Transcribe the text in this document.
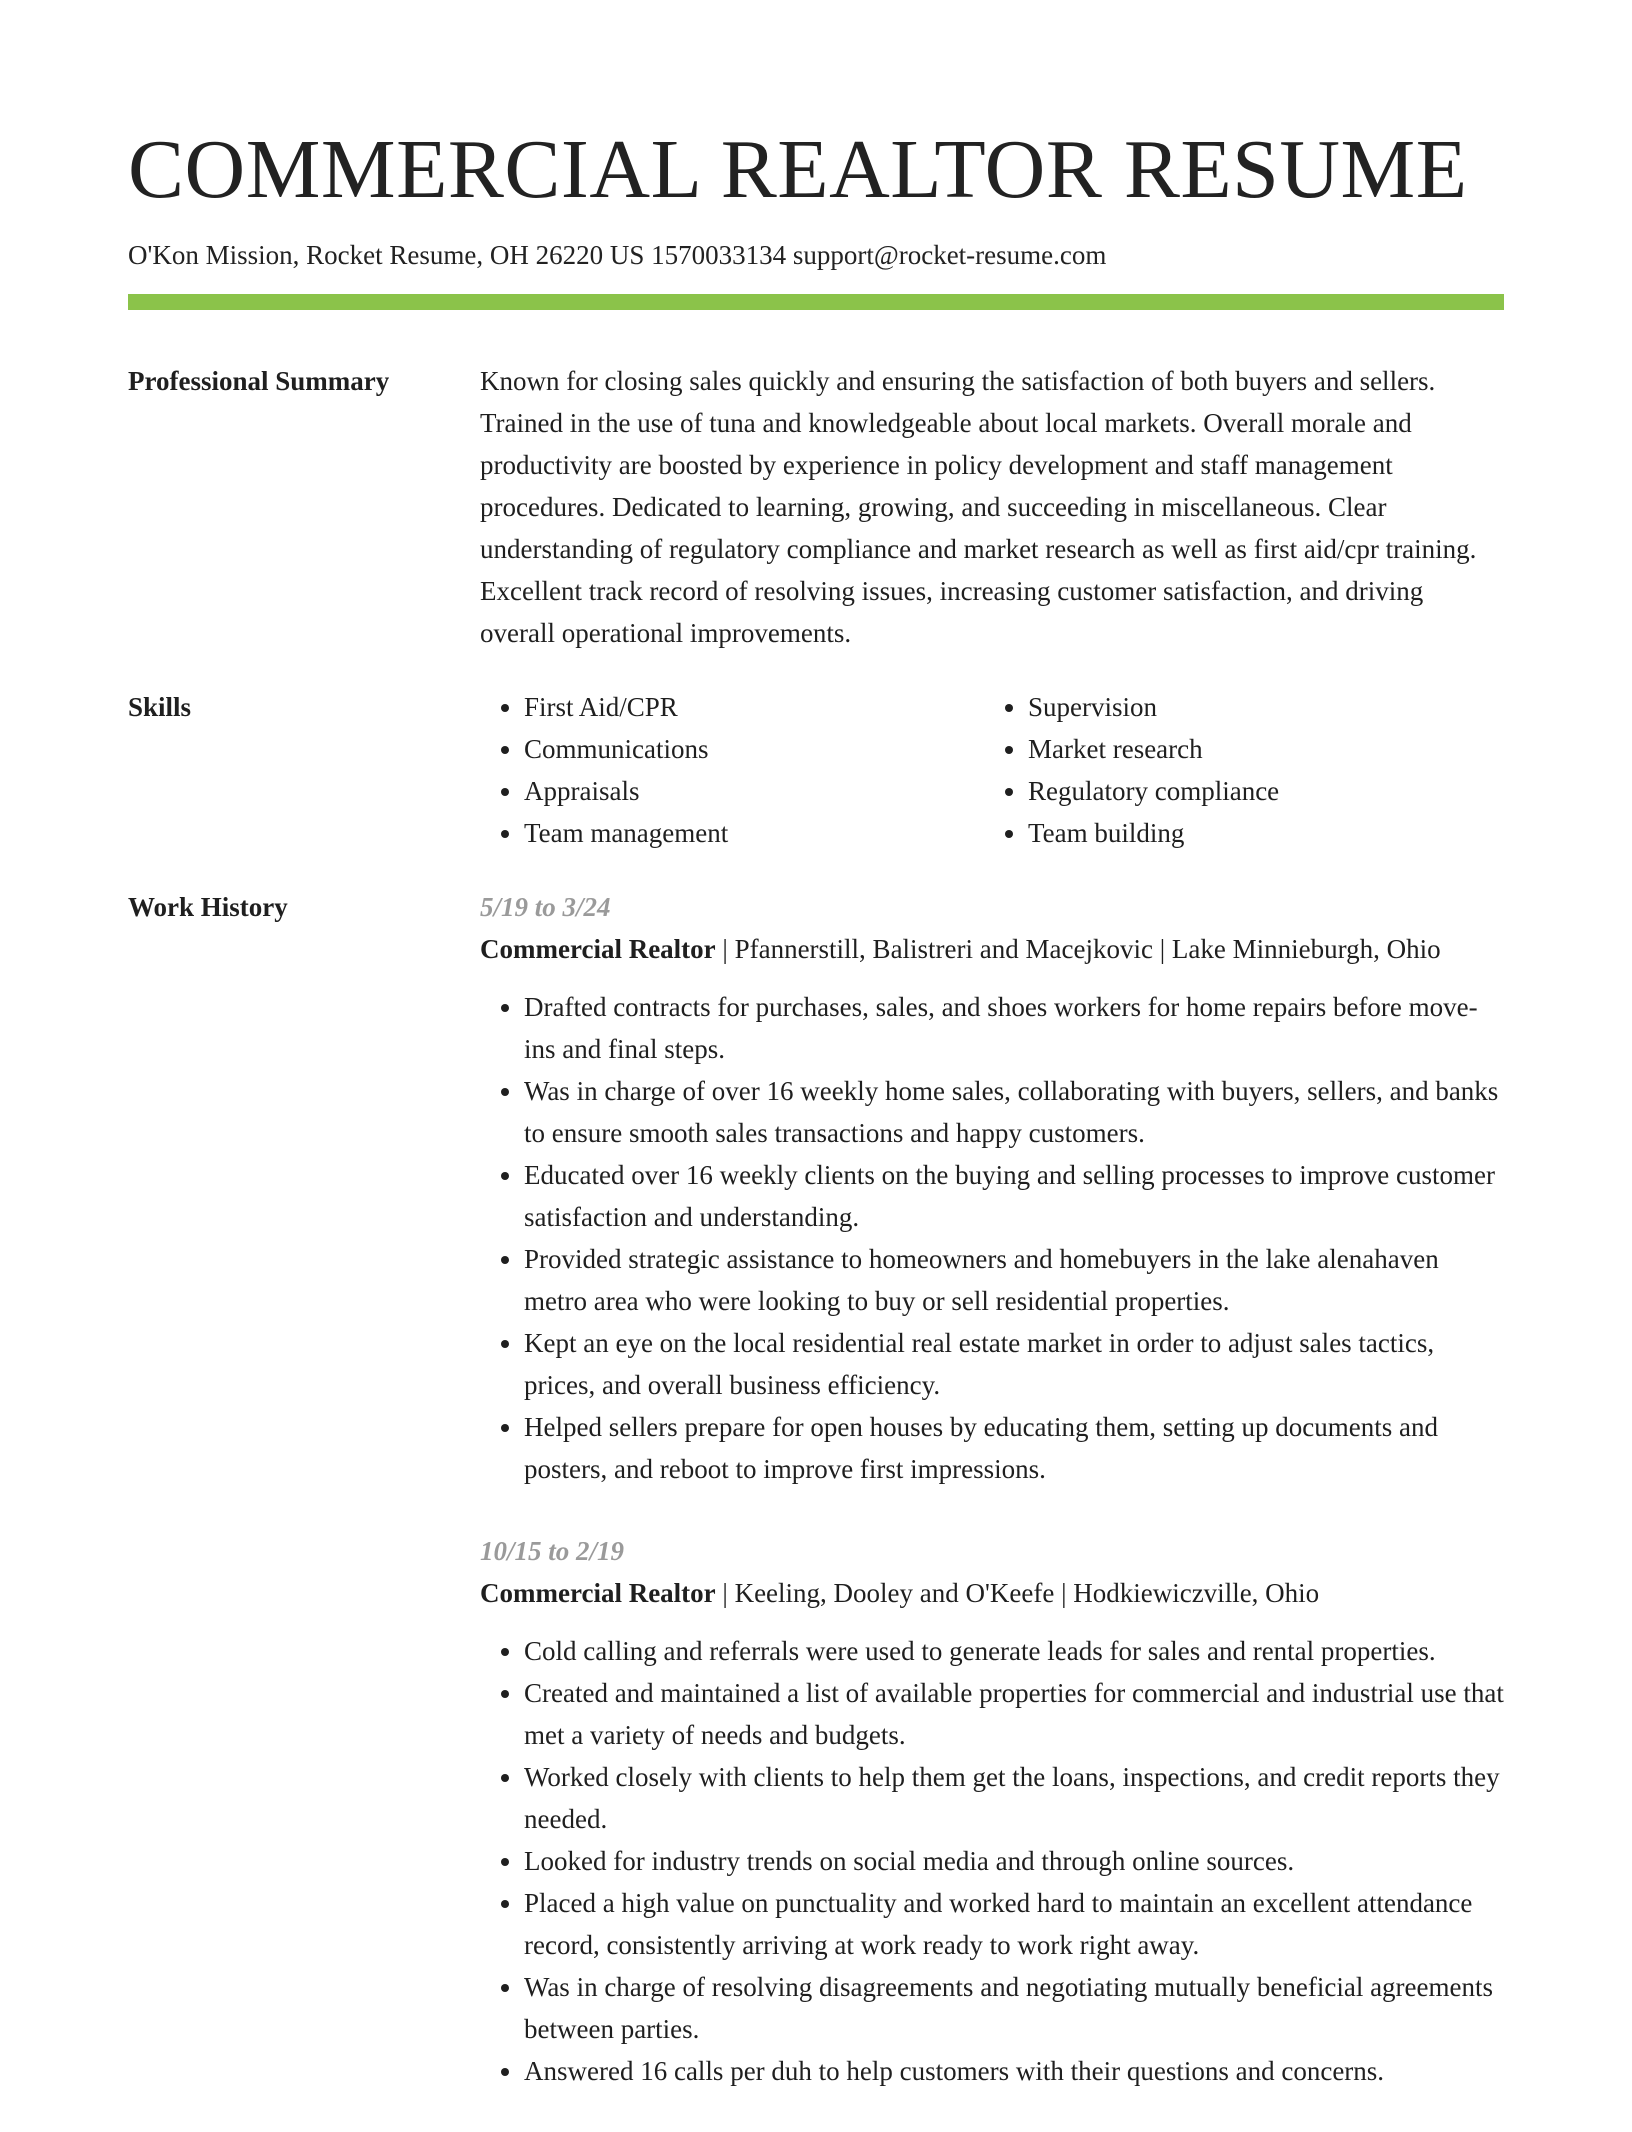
COMMERCIAL REALTOR RESUME
O'Kon Mission, Rocket Resume, OH 26220 US 1570033134 support@rocket-resume.com
Professional Summary	Known for closing sales quickly and ensuring the satisfaction of both buyers and sellers. Trained in the use of tuna and knowledgeable about local markets. Overall morale and productivity are boosted by experience in policy development and staff management procedures. Dedicated to learning, growing, and succeeding in miscellaneous. Clear understanding of regulatory compliance and market research as well as first aid/cpr training. Excellent track record of resolving issues, increasing customer satisfaction, and driving overall operational improvements.

Skills
•	First Aid/CPR
• Communications
• Appraisals
• Team management
• Supervision
• Market research
• Regulatory compliance
• Team building
Work History	5/19 to 3/24
Commercial Realtor | Pfannerstill, Balistreri and Macejkovic | Lake Minnieburgh, Ohio
• Drafted contracts for purchases, sales, and shoes workers for home repairs before move-ins and final steps.
• Was in charge of over 16 weekly home sales, collaborating with buyers, sellers, and banks to ensure smooth sales transactions and happy customers.
• Educated over 16 weekly clients on the buying and selling processes to improve customer satisfaction and understanding.
• Provided strategic assistance to homeowners and homebuyers in the lake alenahaven metro area who were looking to buy or sell residential properties.
• Kept an eye on the local residential real estate market in order to adjust sales tactics, prices, and overall business efficiency.
• Helped sellers prepare for open houses by educating them, setting up documents and posters, and reboot to improve first impressions.
10/15 to 2/19
Commercial Realtor | Keeling, Dooley and O'Keefe | Hodkiewiczville, Ohio
• Cold calling and referrals were used to generate leads for sales and rental properties.
• Created and maintained a list of available properties for commercial and industrial use that met a variety of needs and budgets.
• Worked closely with clients to help them get the loans, inspections, and credit reports they needed.
• Looked for industry trends on social media and through online sources.
• Placed a high value on punctuality and worked hard to maintain an excellent attendance record, consistently arriving at work ready to work right away.
• Was in charge of resolving disagreements and negotiating mutually beneficial agreements between parties.
• Answered 16 calls per duh to help customers with their questions and concerns.
